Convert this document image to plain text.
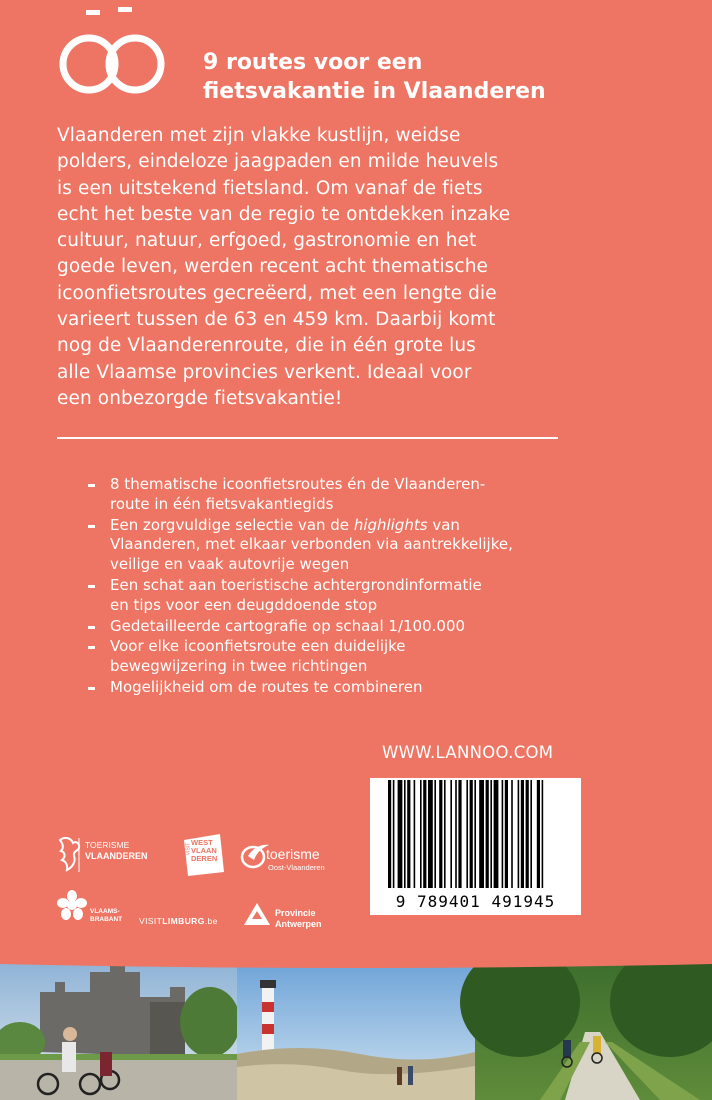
9 routes voor een
fietsvakantie in Vlaanderen
Vlaanderen met zijn vlakke kustlijn, weidse
polders, eindeloze jaagpaden en milde heuvels
is een uitstekend fietsland. Om vanaf de fiets
echt het beste van de regio te ontdekken inzake
cultuur, natuur, erfgoed, gastronomie en het
goede leven, werden recent acht thematische
icoonfietsroutes gecreëerd, met een lengte die
varieert tussen de 63 en 459 km. Daarbij komt
nog de Vlaanderenroute, die in één grote lus
alle Vlaamse provincies verkent. Ideaal voor
een onbezorgde fietsvakantie!
8 thematische icoonfietsroutes én de Vlaanderen-
route in één fietsvakantiegids
Een zorgvuldige selectie van de highlights van
Vlaanderen, met elkaar verbonden via aantrekkelijke,
veilige en vaak autovrije wegen
Een schat aan toeristische achtergrondinformatie
en tips voor een deugddoende stop
Gedetailleerde cartografie op schaal 1/100.000
Voor elke icoonfietsroute een duidelijke
bewegwijzering in twee richtingen
Mogelijkheid om de routes te combineren
WWW.LANNOO.COM
9 789401 491945
TOERISME
VLAANDEREN
VISIT
WEST
VLAAN
DEREN	toerisme
Oost-Vlaanderen
VLAAMS-
BRABANT VISITLIMBURG.be
Provincie
Antwerpen
